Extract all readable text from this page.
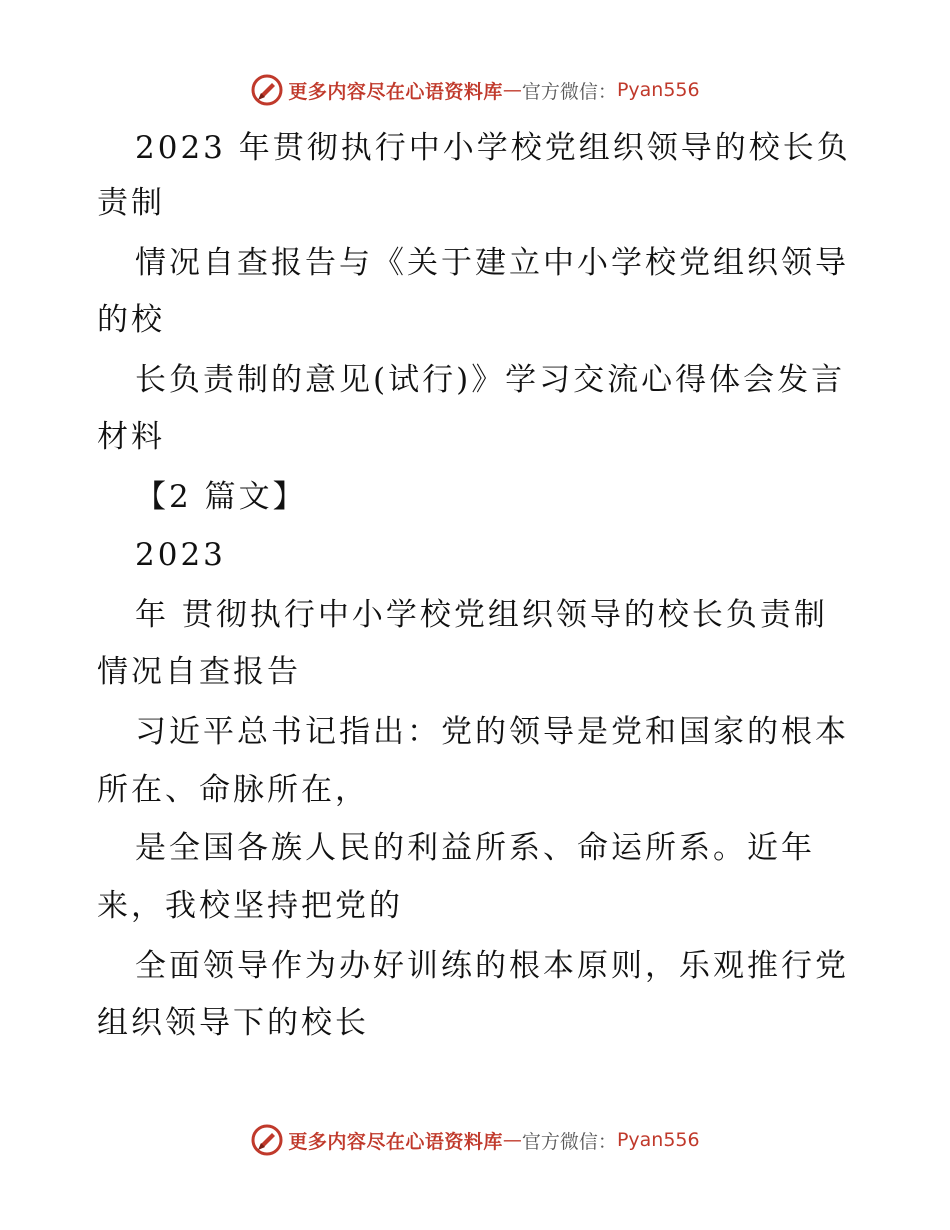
更多内容尽在心语资料库 — 官方微信： Pyan556
2023 年贯彻执行中小学校党组织领导的校长负
责制
情况自查报告与《关于建立中小学校党组织领导
的校
长负责制的意见(试行)》学习交流心得体会发言
材料
【2 篇文】
2023
年 贯彻执行中小学校党组织领导的校长负责制
情况自查报告
习近平总书记指出：党的领导是党和国家的根本
所在、命脉所在，
是全国各族人民的利益所系、命运所系。近年
来，我校坚持把党的
全面领导作为办好训练的根本原则，乐观推行党
组织领导下的校长
更多内容尽在心语资料库 — 官方微信： Pyan556
